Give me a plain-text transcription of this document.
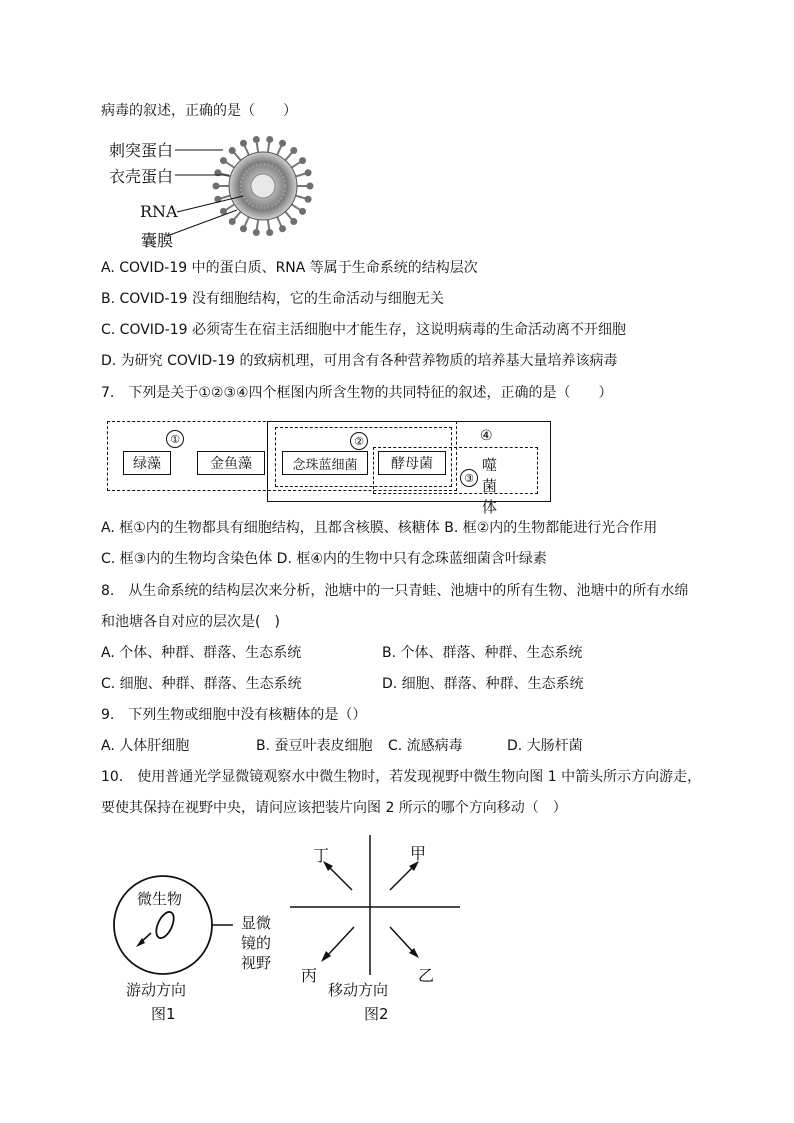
病毒的叙述，正确的是（　　）
刺突蛋白
衣壳蛋白
RNA
囊膜
A. COVID-19 中的蛋白质、RNA 等属于生命系统的结构层次
B. COVID-19 没有细胞结构，它的生命活动与细胞无关
C. COVID-19 必须寄生在宿主活细胞中才能生存，这说明病毒的生命活动离不开细胞
D. 为研究 COVID-19 的致病机理，可用含有各种营养物质的培养基大量培养该病毒
7.　下列是关于①②③④四个框图内所含生物的共同特征的叙述，正确的是（　　）
①	②
③
④
绿藻	金鱼藻	念珠蓝细菌	酵母菌	噬菌体
A. 框①内的生物都具有细胞结构，且都含核膜、核糖体 B. 框②内的生物都能进行光合作用
C. 框③内的生物均含染色体 D. 框④内的生物中只有念珠蓝细菌含叶绿素
8.　从生命系统的结构层次来分析，池塘中的一只青蛙、池塘中的所有生物、池塘中的所有水绵
和池塘各自对应的层次是(　)
A. 个体、种群、群落、生态系统	B. 个体、群落、种群、生态系统
C. 细胞、种群、群落、生态系统	D. 细胞、群落、种群、生态系统
9.　下列生物或细胞中没有核糖体的是（）
A. 人体肝细胞	B. 蚕豆叶表皮细胞 C. 流感病毒	D. 大肠杆菌
10.　使用普通光学显微镜观察水中微生物时，若发现视野中微生物向图 1 中箭头所示方向游走，
要使其保持在视野中央，请问应该把装片向图 2 所示的哪个方向移动（　）
微生物
显微
镜的
视野
游动方向
图1
丁	甲
丙	乙
移动方向
图2
